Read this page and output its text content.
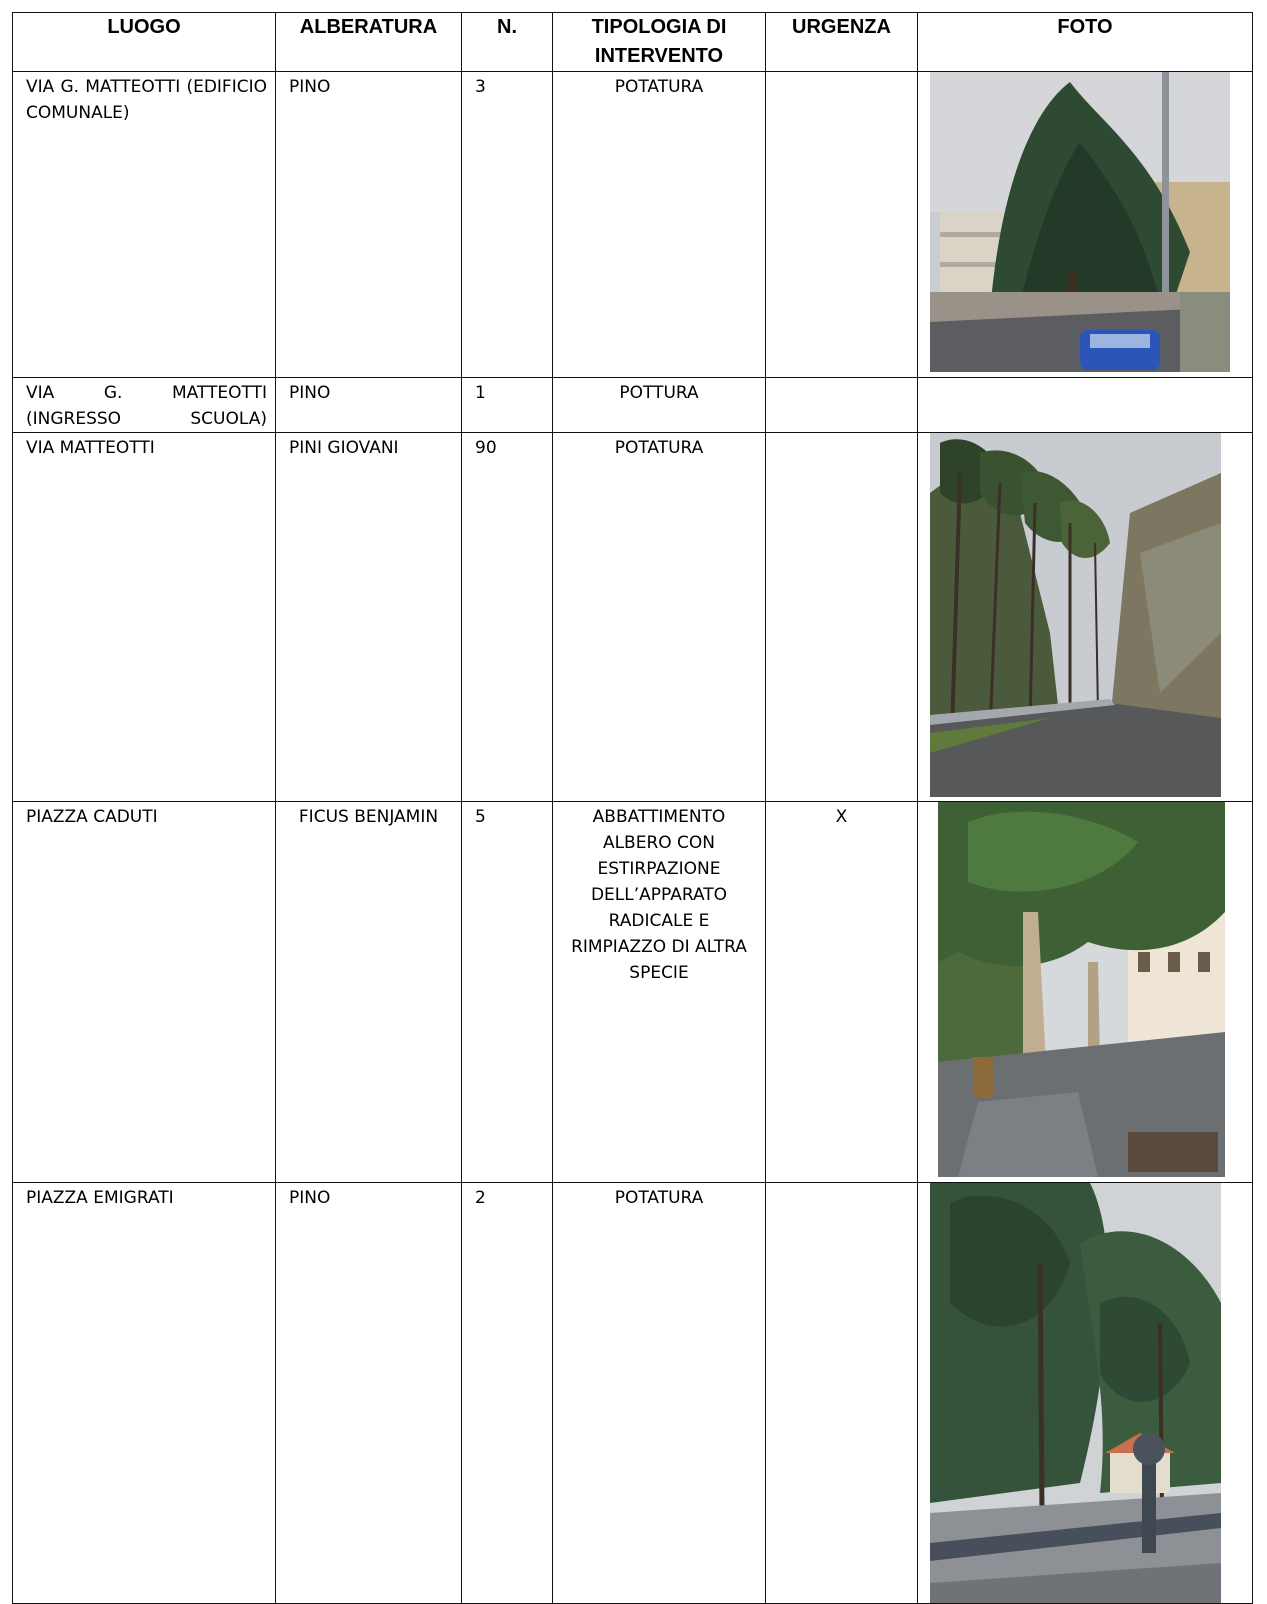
LUOGO	ALBERATURA	N.	TIPOLOGIA DI INTERVENTO	URGENZA	FOTO

VIA G. MATTEOTTI (EDIFICIO COMUNALE)	PINO	3	POTATURA

VIA G. MATTEOTTI (INGRESSO SCUOLA)	PINO	1	POTTURA		

VIA MATTEOTTI	PINI GIOVANI	90	POTATURA

PIAZZA CADUTI	FICUS BENJAMIN	5	ABBATTIMENTO ALBERO CON ESTIRPAZIONE DELL’APPARATO RADICALE E RIMPIAZZO DI ALTRA SPECIE	X

PIAZZA EMIGRATI	PINO	2	POTATURA
